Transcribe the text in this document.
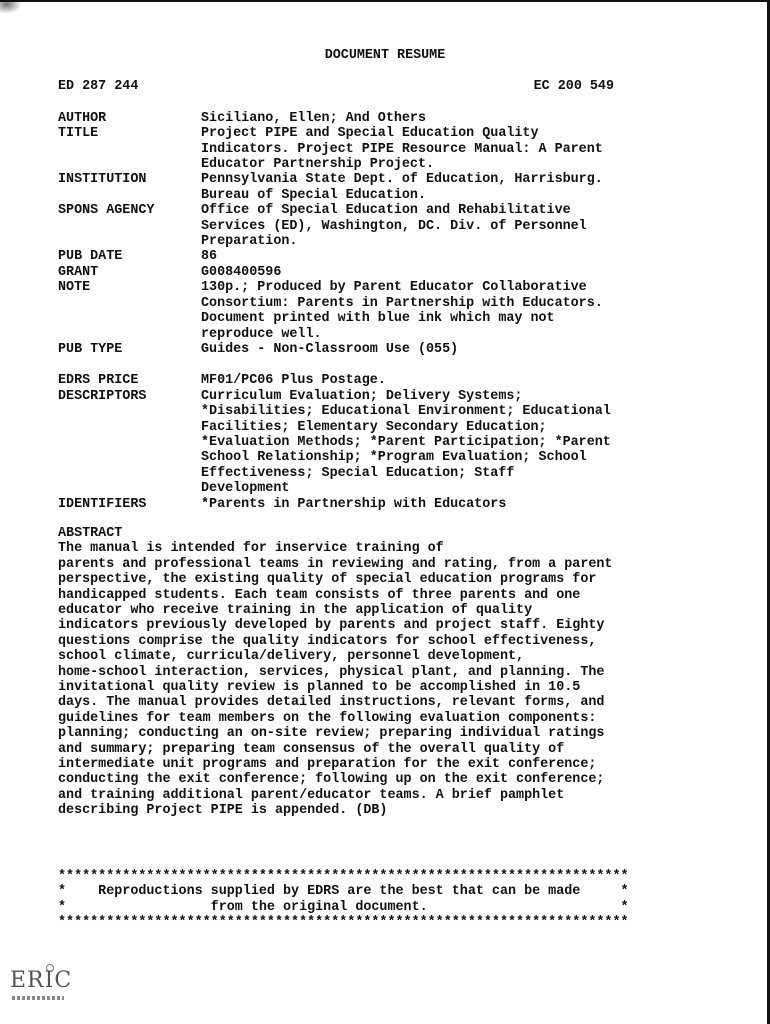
DOCUMENT RESUME
ED 287 244	EC 200 549
AUTHOR	Siciliano, Ellen; And Others
TITLE	Project PIPE and Special Education Quality
Indicators. Project PIPE Resource Manual: A Parent
Educator Partnership Project.
INSTITUTION	Pennsylvania State Dept. of Education, Harrisburg.
Bureau of Special Education.
SPONS AGENCY	Office of Special Education and Rehabilitative
Services (ED), Washington, DC. Div. of Personnel
Preparation.
PUB DATE	86
GRANT	G008400596
NOTE	130p.; Produced by Parent Educator Collaborative
Consortium: Parents in Partnership with Educators.
Document printed with blue ink which may not
reproduce well.
PUB TYPE	Guides - Non-Classroom Use (055)
EDRS PRICE	MF01/PC06 Plus Postage.
DESCRIPTORS	Curriculum Evaluation; Delivery Systems;
*Disabilities; Educational Environment; Educational
Facilities; Elementary Secondary Education;
*Evaluation Methods; *Parent Participation; *Parent
School Relationship; *Program Evaluation; School
Effectiveness; Special Education; Staff
Development
IDENTIFIERS	*Parents in Partnership with Educators
ABSTRACT
The manual is intended for inservice training of
parents and professional teams in reviewing and rating, from a parent
perspective, the existing quality of special education programs for
handicapped students. Each team consists of three parents and one
educator who receive training in the application of quality
indicators previously developed by parents and project staff. Eighty
questions comprise the quality indicators for school effectiveness,
school climate, curricula/delivery, personnel development,
home-school interaction, services, physical plant, and planning. The
invitational quality review is planned to be accomplished in 10.5
days. The manual provides detailed instructions, relevant forms, and
guidelines for team members on the following evaluation components:
planning; conducting an on-site review; preparing individual ratings
and summary; preparing team consensus of the overall quality of
intermediate unit programs and preparation for the exit conference;
conducting the exit conference; following up on the exit conference;
and training additional parent/educator teams. A brief pamphlet
describing Project PIPE is appended. (DB)
***********************************************************************
*    Reproductions supplied by EDRS are the best that can be made     *
*                  from the original document.                        *
***********************************************************************
ERIC
